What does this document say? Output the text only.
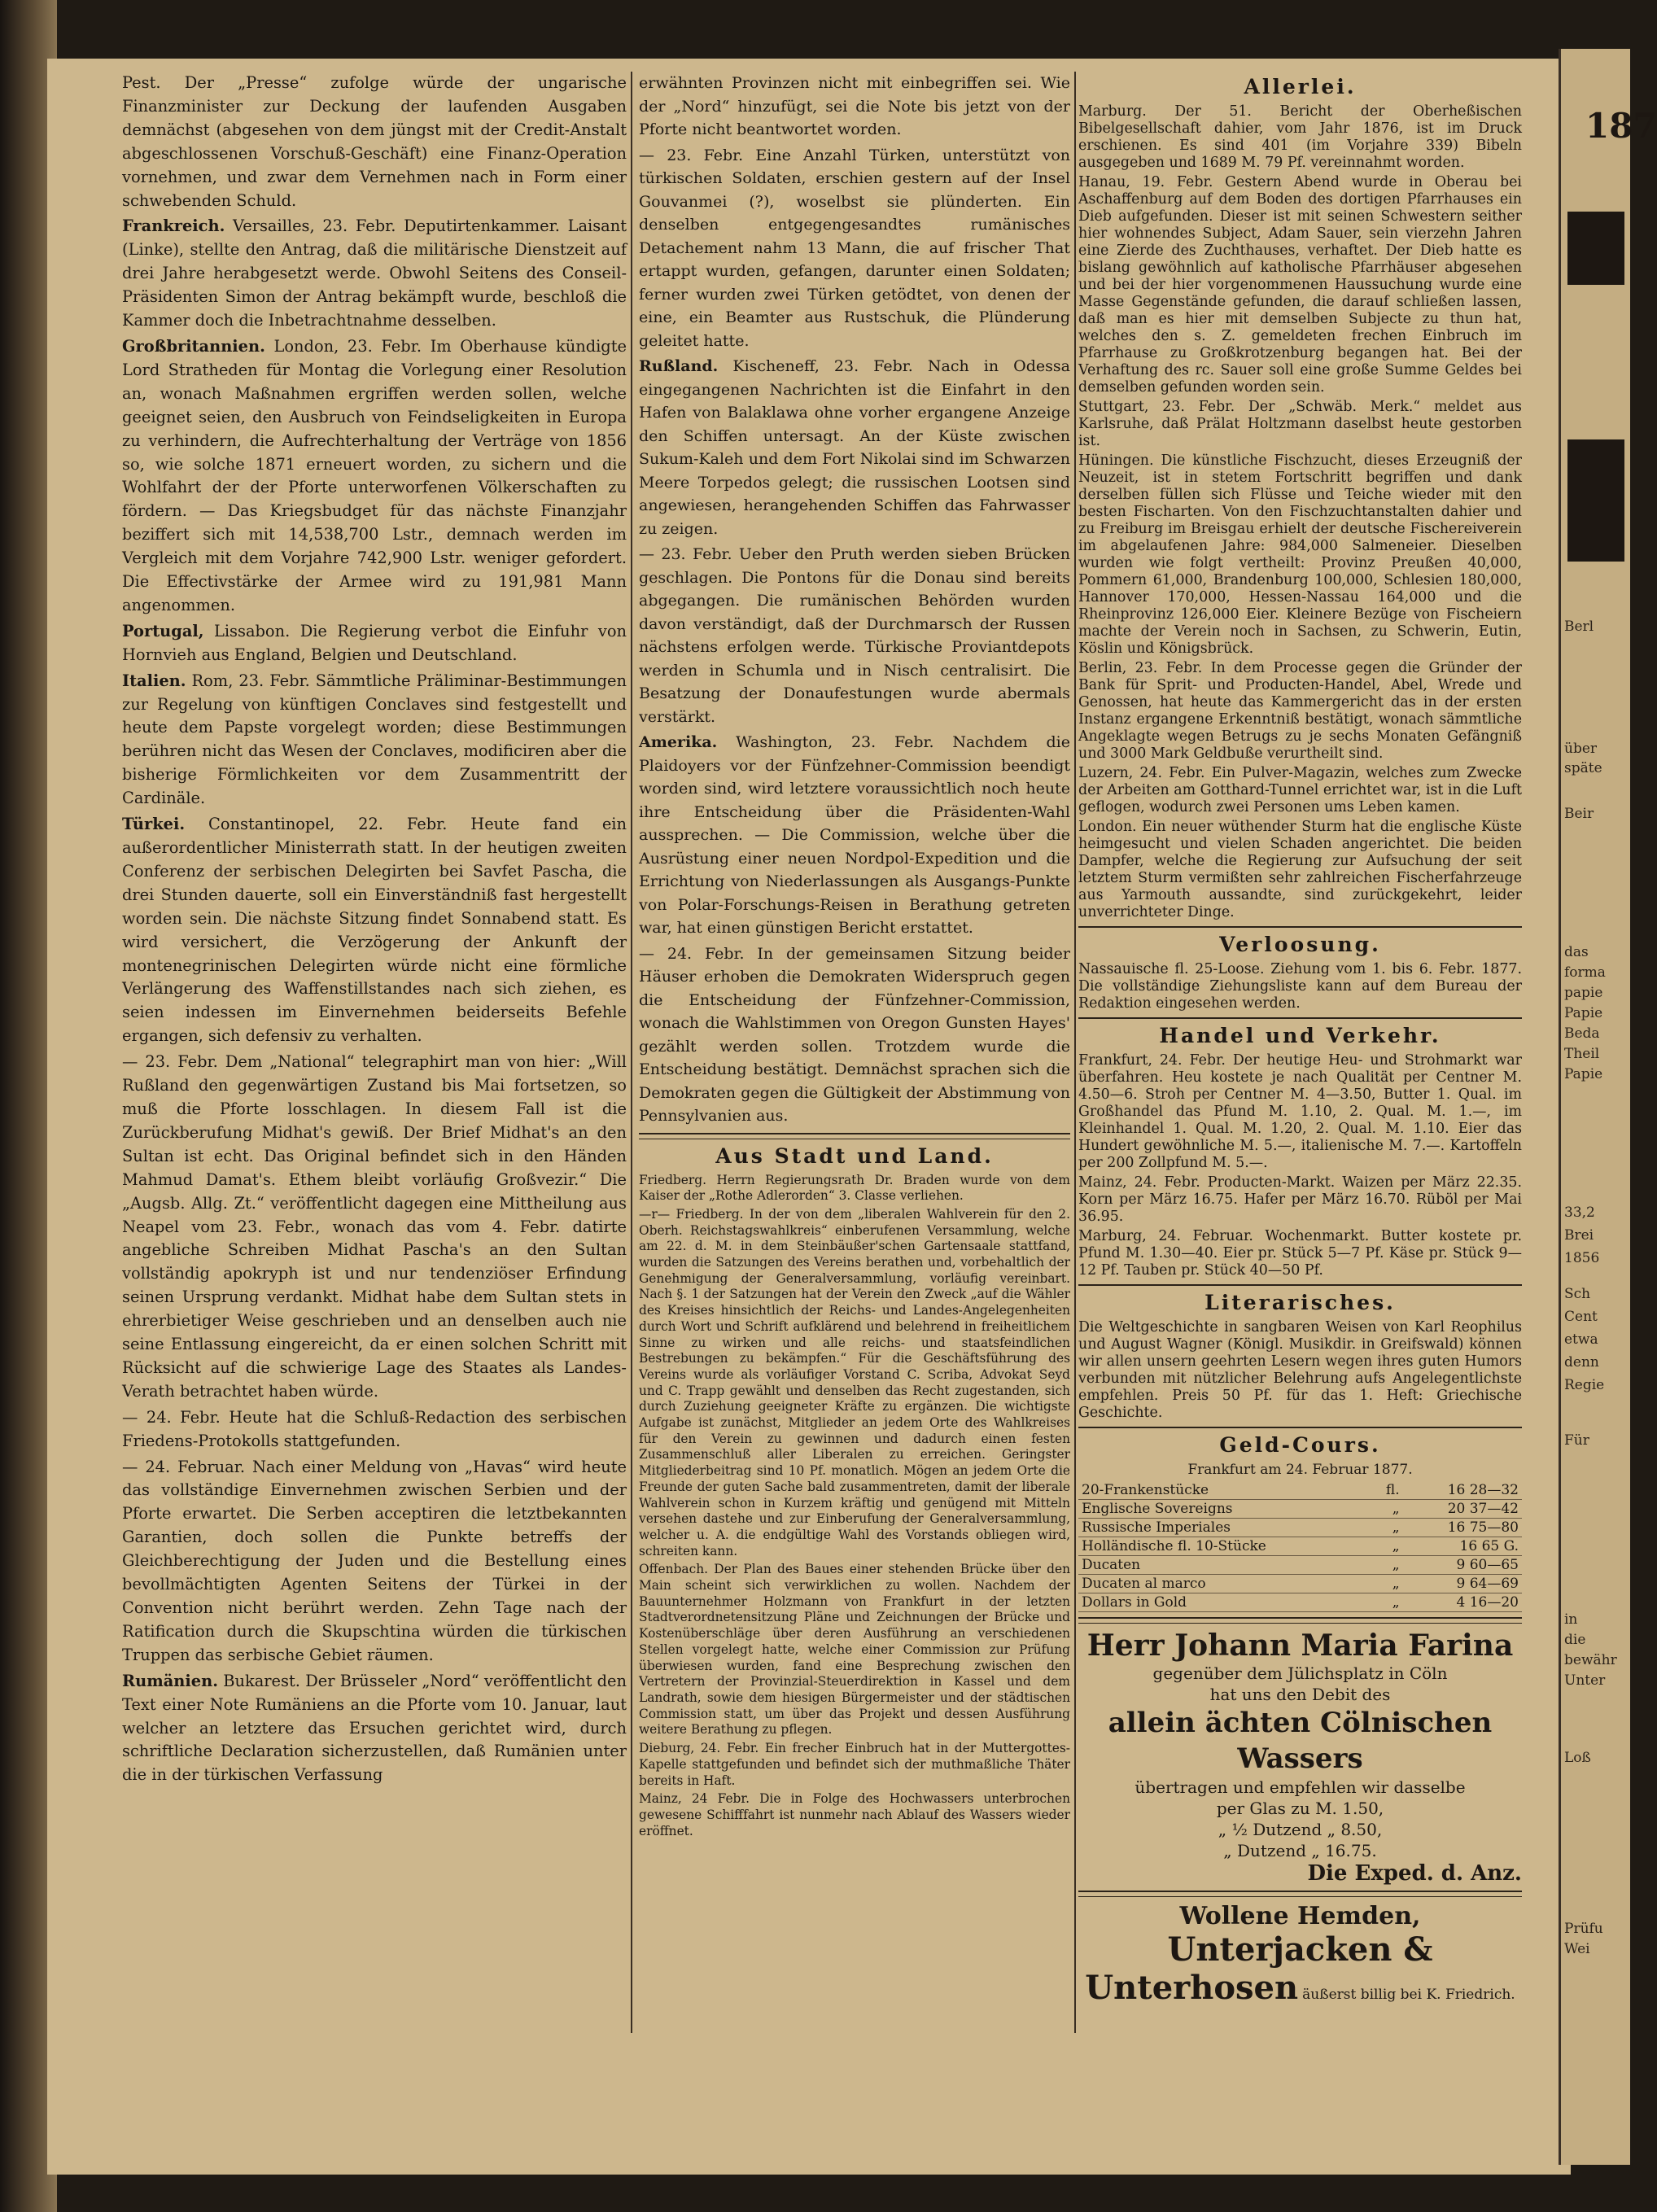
187
Berl
über
späte
Beir
das
forma
papie
Papie
Beda
Theil
Papie
33,2
Brei
1856
Sch
Cent
etwa
denn
Regie
Für
in
die
bewähr
Unter
Loß
Prüfu
Wei

Pest. Der „Presse“ zufolge würde der ungarische Finanzminister zur Deckung der laufenden Ausgaben demnächst (abgesehen von dem jüngst mit der Credit-Anstalt abgeschlossenen Vorschuß-Geschäft) eine Finanz-Operation vornehmen, und zwar dem Vernehmen nach in Form einer schwebenden Schuld.

Frankreich. Versailles, 23. Febr. Deputirtenkammer. Laisant (Linke), stellte den Antrag, daß die militärische Dienstzeit auf drei Jahre herabgesetzt werde. Obwohl Seitens des Conseil-Präsidenten Simon der Antrag bekämpft wurde, beschloß die Kammer doch die Inbetrachtnahme desselben.

Großbritannien. London, 23. Febr. Im Oberhause kündigte Lord Stratheden für Montag die Vorlegung einer Resolution an, wonach Maßnahmen ergriffen werden sollen, welche geeignet seien, den Ausbruch von Feindseligkeiten in Europa zu verhindern, die Aufrechterhaltung der Verträge von 1856 so, wie solche 1871 erneuert worden, zu sichern und die Wohlfahrt der der Pforte unterworfenen Völkerschaften zu fördern. — Das Kriegsbudget für das nächste Finanzjahr beziffert sich mit 14,538,700 Lstr., demnach werden im Vergleich mit dem Vorjahre 742,900 Lstr. weniger gefordert. Die Effectivstärke der Armee wird zu 191,981 Mann angenommen.

Portugal, Lissabon. Die Regierung verbot die Einfuhr von Hornvieh aus England, Belgien und Deutschland.

Italien. Rom, 23. Febr. Sämmtliche Präliminar-Bestimmungen zur Regelung von künftigen Conclaves sind festgestellt und heute dem Papste vorgelegt worden; diese Bestimmungen berühren nicht das Wesen der Conclaves, modificiren aber die bisherige Förmlichkeiten vor dem Zusammentritt der Cardinäle.

Türkei. Constantinopel, 22. Febr. Heute fand ein außerordentlicher Ministerrath statt. In der heutigen zweiten Conferenz der serbischen Delegirten bei Savfet Pascha, die drei Stunden dauerte, soll ein Einverständniß fast hergestellt worden sein. Die nächste Sitzung findet Sonnabend statt. Es wird versichert, die Verzögerung der Ankunft der montenegrinischen Delegirten würde nicht eine förmliche Verlängerung des Waffenstillstandes nach sich ziehen, es seien indessen im Einvernehmen beiderseits Befehle ergangen, sich defensiv zu verhalten.

— 23. Febr. Dem „National“ telegraphirt man von hier: „Will Rußland den gegenwärtigen Zustand bis Mai fortsetzen, so muß die Pforte losschlagen. In diesem Fall ist die Zurückberufung Midhat's gewiß. Der Brief Midhat's an den Sultan ist echt. Das Original befindet sich in den Händen Mahmud Damat's. Ethem bleibt vorläufig Großvezir.“ Die „Augsb. Allg. Zt.“ veröffentlicht dagegen eine Mittheilung aus Neapel vom 23. Febr., wonach das vom 4. Febr. datirte angebliche Schreiben Midhat Pascha's an den Sultan vollständig apokryph ist und nur tendenziöser Erfindung seinen Ursprung verdankt. Midhat habe dem Sultan stets in ehrerbietiger Weise geschrieben und an denselben auch nie seine Entlassung eingereicht, da er einen solchen Schritt mit Rücksicht auf die schwierige Lage des Staates als Landes-Verath betrachtet haben würde.

— 24. Febr. Heute hat die Schluß-Redaction des serbischen Friedens-Protokolls stattgefunden.

— 24. Februar. Nach einer Meldung von „Havas“ wird heute das vollständige Einvernehmen zwischen Serbien und der Pforte erwartet. Die Serben acceptiren die letztbekannten Garantien, doch sollen die Punkte betreffs der Gleichberechtigung der Juden und die Bestellung eines bevollmächtigten Agenten Seitens der Türkei in der Convention nicht berührt werden. Zehn Tage nach der Ratification durch die Skupschtina würden die türkischen Truppen das serbische Gebiet räumen.

Rumänien. Bukarest. Der Brüsseler „Nord“ veröffentlicht den Text einer Note Rumäniens an die Pforte vom 10. Januar, laut welcher an letztere das Ersuchen gerichtet wird, durch schriftliche Declaration sicherzustellen, daß Rumänien unter die in der türkischen Verfassung

erwähnten Provinzen nicht mit einbegriffen sei. Wie der „Nord“ hinzufügt, sei die Note bis jetzt von der Pforte nicht beantwortet worden.

— 23. Febr. Eine Anzahl Türken, unterstützt von türkischen Soldaten, erschien gestern auf der Insel Gouvanmei (?), woselbst sie plünderten. Ein denselben entgegengesandtes rumänisches Detachement nahm 13 Mann, die auf frischer That ertappt wurden, gefangen, darunter einen Soldaten; ferner wurden zwei Türken getödtet, von denen der eine, ein Beamter aus Rustschuk, die Plünderung geleitet hatte.

Rußland. Kischeneff, 23. Febr. Nach in Odessa eingegangenen Nachrichten ist die Einfahrt in den Hafen von Balaklawa ohne vorher ergangene Anzeige den Schiffen untersagt. An der Küste zwischen Sukum-Kaleh und dem Fort Nikolai sind im Schwarzen Meere Torpedos gelegt; die russischen Lootsen sind angewiesen, herangehenden Schiffen das Fahrwasser zu zeigen.

— 23. Febr. Ueber den Pruth werden sieben Brücken geschlagen. Die Pontons für die Donau sind bereits abgegangen. Die rumänischen Behörden wurden davon verständigt, daß der Durchmarsch der Russen nächstens erfolgen werde. Türkische Proviantdepots werden in Schumla und in Nisch centralisirt. Die Besatzung der Donaufestungen wurde abermals verstärkt.

Amerika. Washington, 23. Febr. Nachdem die Plaidoyers vor der Fünfzehner-Commission beendigt worden sind, wird letztere voraussichtlich noch heute ihre Entscheidung über die Präsidenten-Wahl aussprechen. — Die Commission, welche über die Ausrüstung einer neuen Nordpol-Expedition und die Errichtung von Niederlassungen als Ausgangs-Punkte von Polar-Forschungs-Reisen in Berathung getreten war, hat einen günstigen Bericht erstattet.

— 24. Febr. In der gemeinsamen Sitzung beider Häuser erhoben die Demokraten Widerspruch gegen die Entscheidung der Fünfzehner-Commission, wonach die Wahlstimmen von Oregon Gunsten Hayes' gezählt werden sollen. Trotzdem wurde die Entscheidung bestätigt. Demnächst sprachen sich die Demokraten gegen die Gültigkeit der Abstimmung von Pennsylvanien aus.

Aus Stadt und Land.

Friedberg. Herrn Regierungsrath Dr. Braden wurde von dem Kaiser der „Rothe Adlerorden“ 3. Classe verliehen.

—r— Friedberg. In der von dem „liberalen Wahlverein für den 2. Oberh. Reichstagswahlkreis“ einberufenen Versammlung, welche am 22. d. M. in dem Steinbäußer'schen Gartensaale stattfand, wurden die Satzungen des Vereins berathen und, vorbehaltlich der Genehmigung der Generalversammlung, vorläufig vereinbart. Nach §. 1 der Satzungen hat der Verein den Zweck „auf die Wähler des Kreises hinsichtlich der Reichs- und Landes-Angelegenheiten durch Wort und Schrift aufklärend und belehrend in freiheitlichem Sinne zu wirken und alle reichs- und staatsfeindlichen Bestrebungen zu bekämpfen.“ Für die Geschäftsführung des Vereins wurde als vorläufiger Vorstand C. Scriba, Advokat Seyd und C. Trapp gewählt und denselben das Recht zugestanden, sich durch Zuziehung geeigneter Kräfte zu ergänzen. Die wichtigste Aufgabe ist zunächst, Mitglieder an jedem Orte des Wahlkreises für den Verein zu gewinnen und dadurch einen festen Zusammenschluß aller Liberalen zu erreichen. Geringster Mitgliederbeitrag sind 10 Pf. monatlich. Mögen an jedem Orte die Freunde der guten Sache bald zusammentreten, damit der liberale Wahlverein schon in Kurzem kräftig und genügend mit Mitteln versehen dastehe und zur Einberufung der Generalversammlung, welcher u. A. die endgültige Wahl des Vorstands obliegen wird, schreiten kann.

Offenbach. Der Plan des Baues einer stehenden Brücke über den Main scheint sich verwirklichen zu wollen. Nachdem der Bauunternehmer Holzmann von Frankfurt in der letzten Stadtverordnetensitzung Pläne und Zeichnungen der Brücke und Kostenüberschläge über deren Ausführung an verschiedenen Stellen vorgelegt hatte, welche einer Commission zur Prüfung überwiesen wurden, fand eine Besprechung zwischen den Vertretern der Provinzial-Steuerdirektion in Kassel und dem Landrath, sowie dem hiesigen Bürgermeister und der städtischen Commission statt, um über das Projekt und dessen Ausführung weitere Berathung zu pflegen.

Dieburg, 24. Febr. Ein frecher Einbruch hat in der Muttergottes-Kapelle stattgefunden und befindet sich der muthmaßliche Thäter bereits in Haft.

Mainz, 24 Febr. Die in Folge des Hochwassers unterbrochen gewesene Schifffahrt ist nunmehr nach Ablauf des Wassers wieder eröffnet.

Allerlei.

Marburg. Der 51. Bericht der Oberheßischen Bibelgesellschaft dahier, vom Jahr 1876, ist im Druck erschienen. Es sind 401 (im Vorjahre 339) Bibeln ausgegeben und 1689 M. 79 Pf. vereinnahmt worden.

Hanau, 19. Febr. Gestern Abend wurde in Oberau bei Aschaffenburg auf dem Boden des dortigen Pfarrhauses ein Dieb aufgefunden. Dieser ist mit seinen Schwestern seither hier wohnendes Subject, Adam Sauer, sein vierzehn Jahren eine Zierde des Zuchthauses, verhaftet. Der Dieb hatte es bislang gewöhnlich auf katholische Pfarrhäuser abgesehen und bei der hier vorgenommenen Haussuchung wurde eine Masse Gegenstände gefunden, die darauf schließen lassen, daß man es hier mit demselben Subjecte zu thun hat, welches den s. Z. gemeldeten frechen Einbruch im Pfarrhause zu Großkrotzenburg begangen hat. Bei der Verhaftung des rc. Sauer soll eine große Summe Geldes bei demselben gefunden worden sein.

Stuttgart, 23. Febr. Der „Schwäb. Merk.“ meldet aus Karlsruhe, daß Prälat Holtzmann daselbst heute gestorben ist.

Hüningen. Die künstliche Fischzucht, dieses Erzeugniß der Neuzeit, ist in stetem Fortschritt begriffen und dank derselben füllen sich Flüsse und Teiche wieder mit den besten Fischarten. Von den Fischzuchtanstalten dahier und zu Freiburg im Breisgau erhielt der deutsche Fischereiverein im abgelaufenen Jahre: 984,000 Salmeneier. Dieselben wurden wie folgt vertheilt: Provinz Preußen 40,000, Pommern 61,000, Brandenburg 100,000, Schlesien 180,000, Hannover 170,000, Hessen-Nassau 164,000 und die Rheinprovinz 126,000 Eier. Kleinere Bezüge von Fischeiern machte der Verein noch in Sachsen, zu Schwerin, Eutin, Köslin und Königsbrück.

Berlin, 23. Febr. In dem Processe gegen die Gründer der Bank für Sprit- und Producten-Handel, Abel, Wrede und Genossen, hat heute das Kammergericht das in der ersten Instanz ergangene Erkenntniß bestätigt, wonach sämmtliche Angeklagte wegen Betrugs zu je sechs Monaten Gefängniß und 3000 Mark Geldbuße verurtheilt sind.

Luzern, 24. Febr. Ein Pulver-Magazin, welches zum Zwecke der Arbeiten am Gotthard-Tunnel errichtet war, ist in die Luft geflogen, wodurch zwei Personen ums Leben kamen.

London. Ein neuer wüthender Sturm hat die englische Küste heimgesucht und vielen Schaden angerichtet. Die beiden Dampfer, welche die Regierung zur Aufsuchung der seit letztem Sturm vermißten sehr zahlreichen Fischerfahrzeuge aus Yarmouth aussandte, sind zurückgekehrt, leider unverrichteter Dinge.

Verloosung.

Nassauische fl. 25-Loose. Ziehung vom 1. bis 6. Febr. 1877. Die vollständige Ziehungsliste kann auf dem Bureau der Redaktion eingesehen werden.

Handel und Verkehr.

Frankfurt, 24. Febr. Der heutige Heu- und Strohmarkt war überfahren. Heu kostete je nach Qualität per Centner M. 4.50—6. Stroh per Centner M. 4—3.50, Butter 1. Qual. im Großhandel das Pfund M. 1.10, 2. Qual. M. 1.—, im Kleinhandel 1. Qual. M. 1.20, 2. Qual. M. 1.10. Eier das Hundert gewöhnliche M. 5.—, italienische M. 7.—. Kartoffeln per 200 Zollpfund M. 5.—.

Mainz, 24. Febr. Producten-Markt. Waizen per März 22.35. Korn per März 16.75. Hafer per März 16.70. Rüböl per Mai 36.95.

Marburg, 24. Februar. Wochenmarkt. Butter kostete pr. Pfund M. 1.30—40. Eier pr. Stück 5—7 Pf. Käse pr. Stück 9—12 Pf. Tauben pr. Stück 40—50 Pf.

Literarisches.

Die Weltgeschichte in sangbaren Weisen von Karl Reophilus und August Wagner (Königl. Musikdir. in Greifswald) können wir allen unsern geehrten Lesern wegen ihres guten Humors verbunden mit nützlicher Belehrung aufs Angelegentlichste empfehlen. Preis 50 Pf. für das 1. Heft: Griechische Geschichte.

Geld-Cours.
Frankfurt am 24. Februar 1877.
20-Frankenstücke	fl.	16 28—32
Englische Sovereigns	„	20 37—42
Russische Imperiales	„	16 75—80
Holländische fl. 10-Stücke	„	16 65 G.
Ducaten	„	9 60—65
Ducaten al marco	„	9 64—69
Dollars in Gold	„	4 16—20
Herr Johann Maria Farina
gegenüber dem Jülichsplatz in Cöln
hat uns den Debit des
allein ächten Cölnischen Wassers
übertragen und empfehlen wir dasselbe
per Glas zu M. 1.50,
„ ½ Dutzend „ 8.50,
„ Dutzend „ 16.75.
Die Exped. d. Anz.
Wollene Hemden,
Unterjacken & Unterhosen äußerst billig bei K. Friedrich.
